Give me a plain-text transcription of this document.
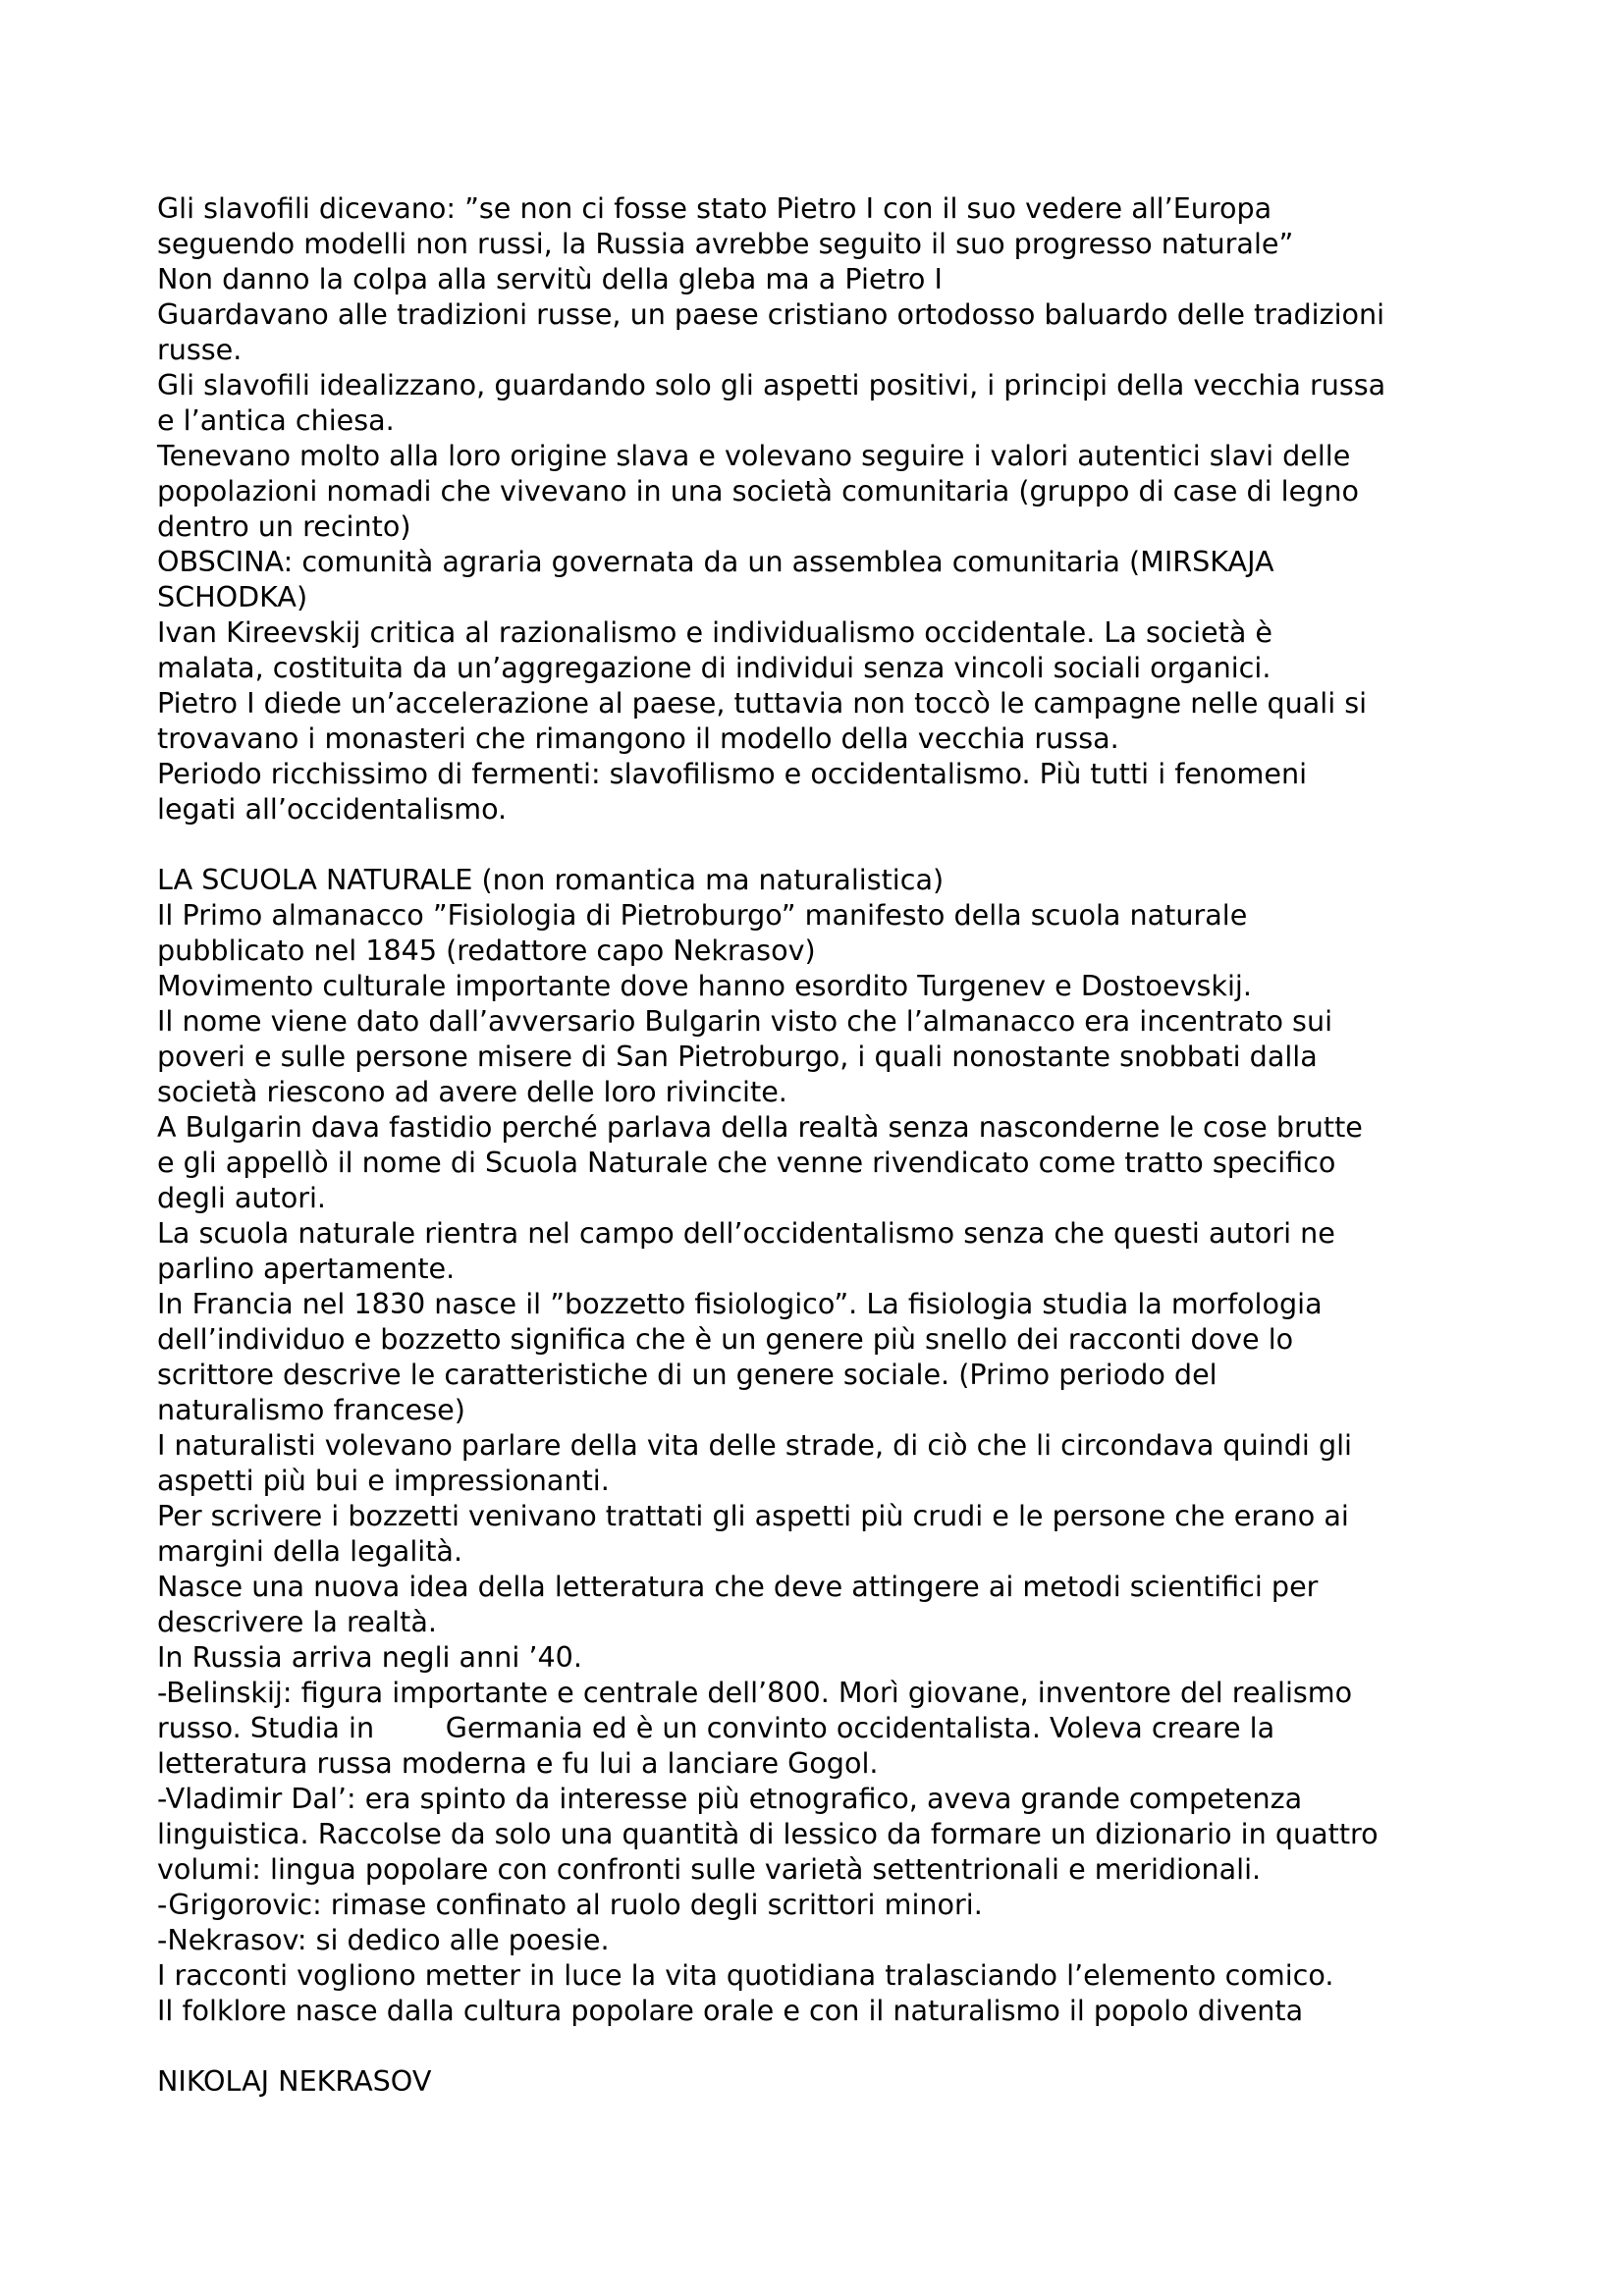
Gli slavofili dicevano: ”se non ci fosse stato Pietro I con il suo vedere all’Europa
seguendo modelli non russi, la Russia avrebbe seguito il suo progresso naturale”
Non danno la colpa alla servitù della gleba ma a Pietro I
Guardavano alle tradizioni russe, un paese cristiano ortodosso baluardo delle tradizioni
russe.
Gli slavofili idealizzano, guardando solo gli aspetti positivi, i principi della vecchia russa
e l’antica chiesa.
Tenevano molto alla loro origine slava e volevano seguire i valori autentici slavi delle
popolazioni nomadi che vivevano in una società comunitaria (gruppo di case di legno
dentro un recinto)
OBSCINA: comunità agraria governata da un assemblea comunitaria (MIRSKAJA
SCHODKA)
Ivan Kireevskij critica al razionalismo e individualismo occidentale. La società è
malata, costituita da un’aggregazione di individui senza vincoli sociali organici.
Pietro I diede un’accelerazione al paese, tuttavia non toccò le campagne nelle quali si
trovavano i monasteri che rimangono il modello della vecchia russa.
Periodo ricchissimo di fermenti: slavofilismo e occidentalismo. Più tutti i fenomeni
legati all’occidentalismo.
LA SCUOLA NATURALE (non romantica ma naturalistica)
Il Primo almanacco ”Fisiologia di Pietroburgo” manifesto della scuola naturale
pubblicato nel 1845 (redattore capo Nekrasov)
Movimento culturale importante dove hanno esordito Turgenev e Dostoevskij.
Il nome viene dato dall’avversario Bulgarin visto che l’almanacco era incentrato sui
poveri e sulle persone misere di San Pietroburgo, i quali nonostante snobbati dalla
società riescono ad avere delle loro rivincite.
A Bulgarin dava fastidio perché parlava della realtà senza nasconderne le cose brutte
e gli appellò il nome di Scuola Naturale che venne rivendicato come tratto specifico
degli autori.
La scuola naturale rientra nel campo dell’occidentalismo senza che questi autori ne
parlino apertamente.
In Francia nel 1830 nasce il ”bozzetto fisiologico”. La fisiologia studia la morfologia
dell’individuo e bozzetto significa che è un genere più snello dei racconti dove lo
scrittore descrive le caratteristiche di un genere sociale. (Primo periodo del
naturalismo francese)
I naturalisti volevano parlare della vita delle strade, di ciò che li circondava quindi gli
aspetti più bui e impressionanti.
Per scrivere i bozzetti venivano trattati gli aspetti più crudi e le persone che erano ai
margini della legalità.
Nasce una nuova idea della letteratura che deve attingere ai metodi scientifici per
descrivere la realtà.
In Russia arriva negli anni ’40.
-Belinskij: figura importante e centrale dell’800. Morì giovane, inventore del realismo
russo. Studia in        Germania ed è un convinto occidentalista. Voleva creare la
letteratura russa moderna e fu lui a lanciare Gogol.
-Vladimir Dal’: era spinto da interesse più etnografico, aveva grande competenza
linguistica. Raccolse da solo una quantità di lessico da formare un dizionario in quattro
volumi: lingua popolare con confronti sulle varietà settentrionali e meridionali.
-Grigorovic: rimase confinato al ruolo degli scrittori minori.
-Nekrasov: si dedico alle poesie.
I racconti vogliono metter in luce la vita quotidiana tralasciando l’elemento comico.
Il folklore nasce dalla cultura popolare orale e con il naturalismo il popolo diventa
NIKOLAJ NEKRASOV
